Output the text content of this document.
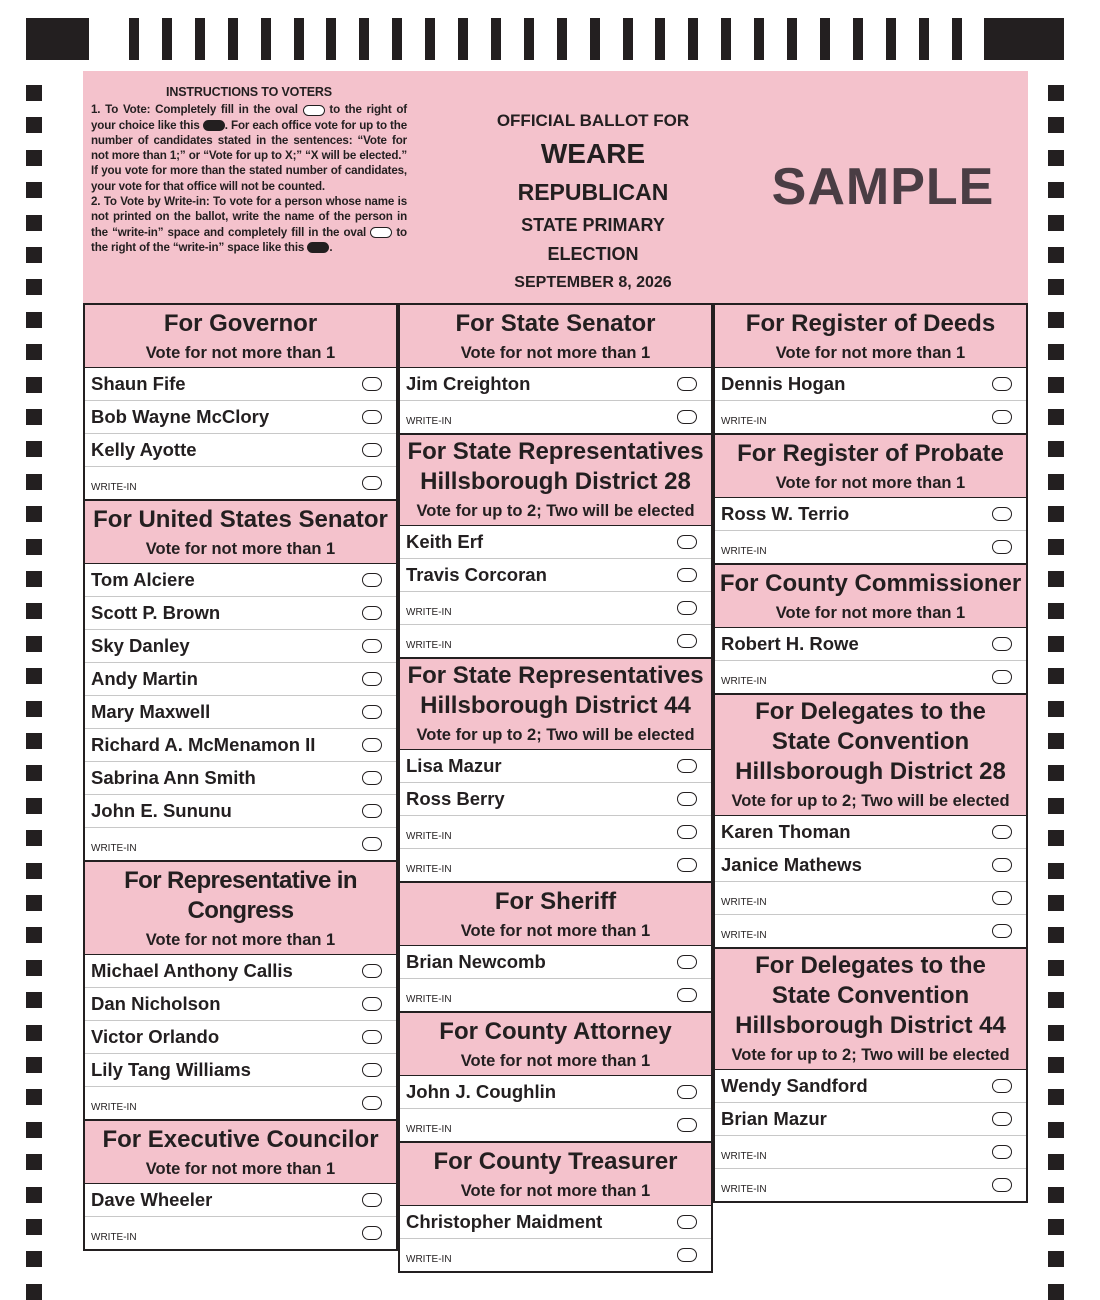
INSTRUCTIONS TO VOTERS
1. To Vote: Completely fill in the oval	to the right of your choice like this . For each office vote for up to the number of candidates stated in the sentences: “Vote for not more than 1;” or “Vote for up to X;” “X will be elected.” If you vote for more than the stated number of candidates, your vote for that office will not be counted.
2. To Vote by Write-in: To vote for a person whose name is not printed on the ballot, write the name of the person in the “write-in” space and completely fill in the oval	to the right of the “write-in” space like this .
OFFICIAL BALLOT FOR
WEARE
REPUBLICAN
STATE PRIMARY
ELECTION
SEPTEMBER 8, 2026
SAMPLE
For Governor
Vote for not more than 1
Shaun Fife
Bob Wayne McClory
Kelly Ayotte
WRITE-IN
For United States Senator
Vote for not more than 1
Tom Alciere
Scott P. Brown
Sky Danley
Andy Martin
Mary Maxwell
Richard A. McMenamon II
Sabrina Ann Smith
John E. Sununu
WRITE-IN
For Representative in Congress
Vote for not more than 1
Michael Anthony Callis
Dan Nicholson
Victor Orlando
Lily Tang Williams
WRITE-IN
For Executive Councilor
Vote for not more than 1
Dave Wheeler
WRITE-IN
For State Senator
Vote for not more than 1
Jim Creighton
WRITE-IN
For State Representatives
Hillsborough District 28
Vote for up to 2; Two will be elected
Keith Erf
Travis Corcoran
WRITE-IN
WRITE-IN
For State Representatives
Hillsborough District 44
Vote for up to 2; Two will be elected
Lisa Mazur
Ross Berry
WRITE-IN
WRITE-IN
For Sheriff
Vote for not more than 1
Brian Newcomb
WRITE-IN
For County Attorney
Vote for not more than 1
John J. Coughlin
WRITE-IN
For County Treasurer
Vote for not more than 1
Christopher Maidment
WRITE-IN
For Register of Deeds
Vote for not more than 1
Dennis Hogan
WRITE-IN
For Register of Probate
Vote for not more than 1
Ross W. Terrio
WRITE-IN
For County Commissioner
Vote for not more than 1
Robert H. Rowe
WRITE-IN
For Delegates to the
State Convention
Hillsborough District 28
Vote for up to 2; Two will be elected
Karen Thoman
Janice Mathews
WRITE-IN
WRITE-IN
For Delegates to the
State Convention
Hillsborough District 44
Vote for up to 2; Two will be elected
Wendy Sandford
Brian Mazur
WRITE-IN
WRITE-IN
